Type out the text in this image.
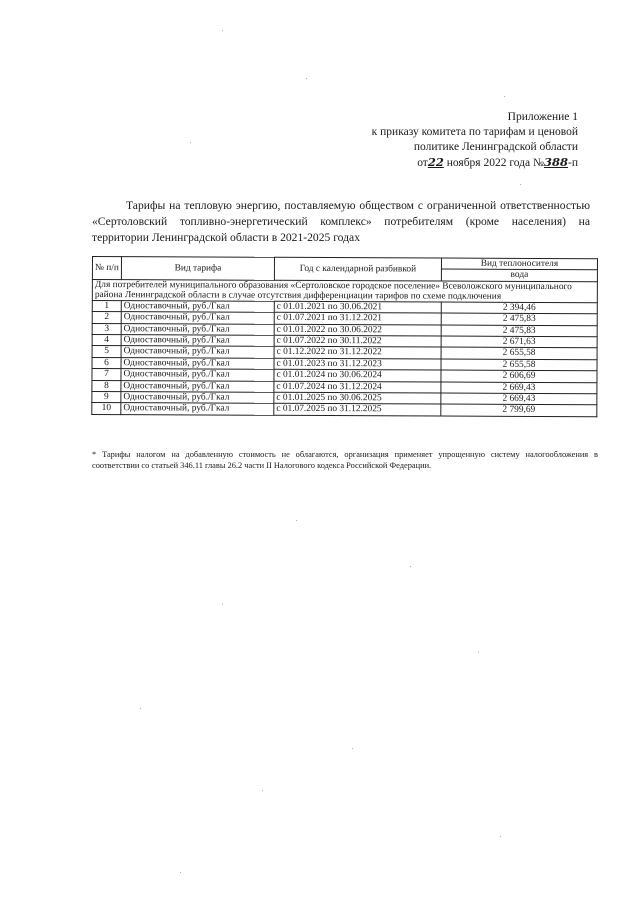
Приложение 1
к приказу комитета по тарифам и ценовой
политике Ленинградской области
от22 ноября 2022 года №388-п
Тарифы на тепловую энергию, поставляемую обществом с ограниченной ответственностью «Сертоловский топливно-энергетический комплекс» потребителям (кроме населения) на территории Ленинградской области в 2021-2025 годах
№ п/п	Вид тарифа	Год с календарной разбивкой	Вид теплоносителя
			вода
Для потребителей муниципального образования «Сертоловское городское поселение» Всеволожского муниципального района Ленинградской области в случае отсутствия дифференциации тарифов по схеме подключения			
1	Одноставочный, руб./Гкал	с 01.01.2021 по 30.06.2021	2 394,46
2	Одноставочный, руб./Гкал	с 01.07.2021 по 31.12.2021	2 475,83
3	Одноставочный, руб./Гкал	с 01.01.2022 по 30.06.2022	2 475,83
4	Одноставочный, руб./Гкал	с 01.07.2022 по 30.11.2022	2 671,63
5	Одноставочный, руб./Гкал	с 01.12.2022 по 31.12.2022	2 655,58
6	Одноставочный, руб./Гкал	с 01.01.2023 по 31.12.2023	2 655,58
7	Одноставочный, руб./Гкал	с 01.01.2024 по 30.06.2024	2 606,69
8	Одноставочный, руб./Гкал	с 01.07.2024 по 31.12.2024	2 669,43
9	Одноставочный, руб./Гкал	с 01.01.2025 по 30.06.2025	2 669,43
10	Одноставочный, руб./Гкал	с 01.07.2025 по 31.12.2025	2 799,69
* Тарифы налогом на добавленную стоимость не облагаются, организация применяет упрощенную систему налогообложения в соответствии со статьей 346.11 главы 26.2 части II Налогового кодекса Российской Федерации.
